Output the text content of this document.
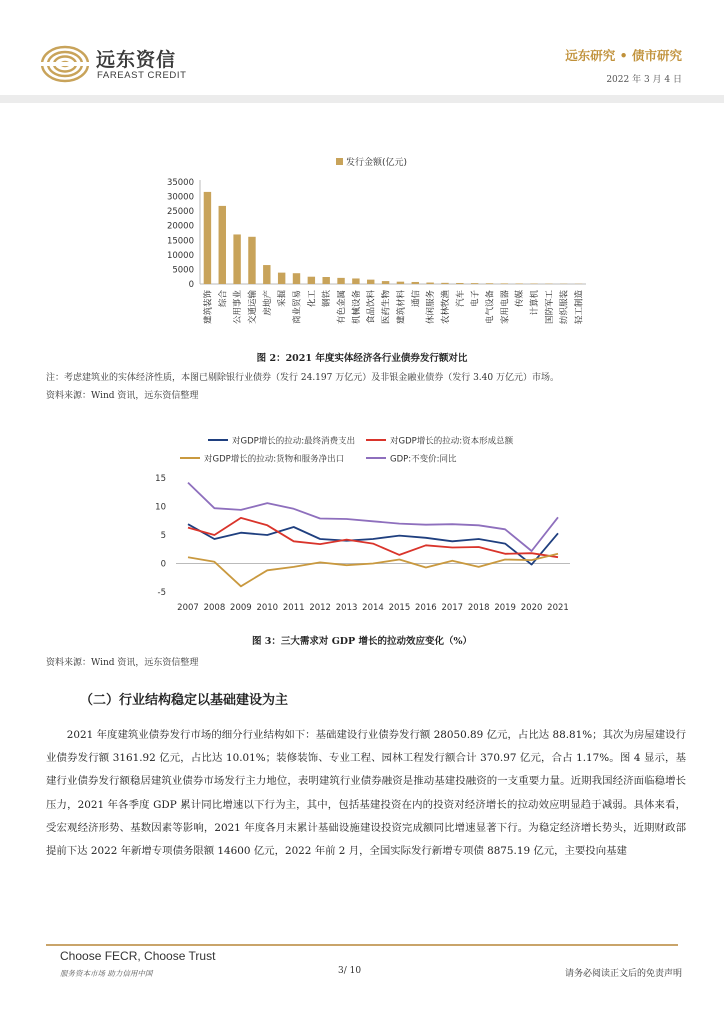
远东资信
FAREAST CREDIT
远东研究 • 债市研究
2022 年 3 月 4 日
发行金额(亿元)
0
5000
10000
15000
20000
25000
30000
35000
建筑装饰 综合 公用事业 交通运输 房地产 采掘 商业贸易 化工 钢铁 有色金属 机械设备 食品饮料 医药生物 建筑材料 通信 休闲服务 农林牧渔 汽车 电子 电气设备 家用电器 传媒 计算机 国防军工 纺织服装 轻工制造
图 2：2021 年度实体经济各行业债券发行额对比
注：考虑建筑业的实体经济性质，本图已剔除银行业债券（发行 24.197 万亿元）及非银金融业债券（发行 3.40 万亿元）市场。
资料来源：Wind 资讯，远东资信整理
对GDP增长的拉动:最终消费支出	对GDP增长的拉动:资本形成总额
对GDP增长的拉动:货物和服务净出口	GDP:不变价:同比
-5
0
5
10
15
2007 2008 2009 2010 2011 2012 2013 2014 2015 2016 2017 2018 2019 2020 2021
图 3：三大需求对 GDP 增长的拉动效应变化（%）
资料来源：Wind 资讯，远东资信整理
（二）行业结构稳定以基础建设为主
2021 年度建筑业债券发行市场的细分行业结构如下：基础建设行业债券发行额 28050.89 亿元，占比达 88.81%；其次为房屋建设行业债券发行额 3161.92 亿元，占比达 10.01%；装修装饰、专业工程、园林工程发行额合计 370.97 亿元，合占 1.17%。图 4 显示，基建行业债券发行额稳居建筑业债券市场发行主力地位，表明建筑行业债券融资是推动基建投融资的一支重要力量。近期我国经济面临稳增长压力，2021 年各季度 GDP 累计同比增速以下行为主，其中，包括基建投资在内的投资对经济增长的拉动效应明显趋于减弱。具体来看，受宏观经济形势、基数因素等影响，2021 年度各月末累计基础设施建设投资完成额同比增速显著下行。为稳定经济增长势头，近期财政部提前下达 2022 年新增专项债务限额 14600 亿元，2022 年前 2 月，全国实际发行新增专项债 8875.19 亿元，主要投向基建
Choose FECR, Choose Trust
服务资本市场 助力信用中国	3/ 10	请务必阅读正文后的免责声明
